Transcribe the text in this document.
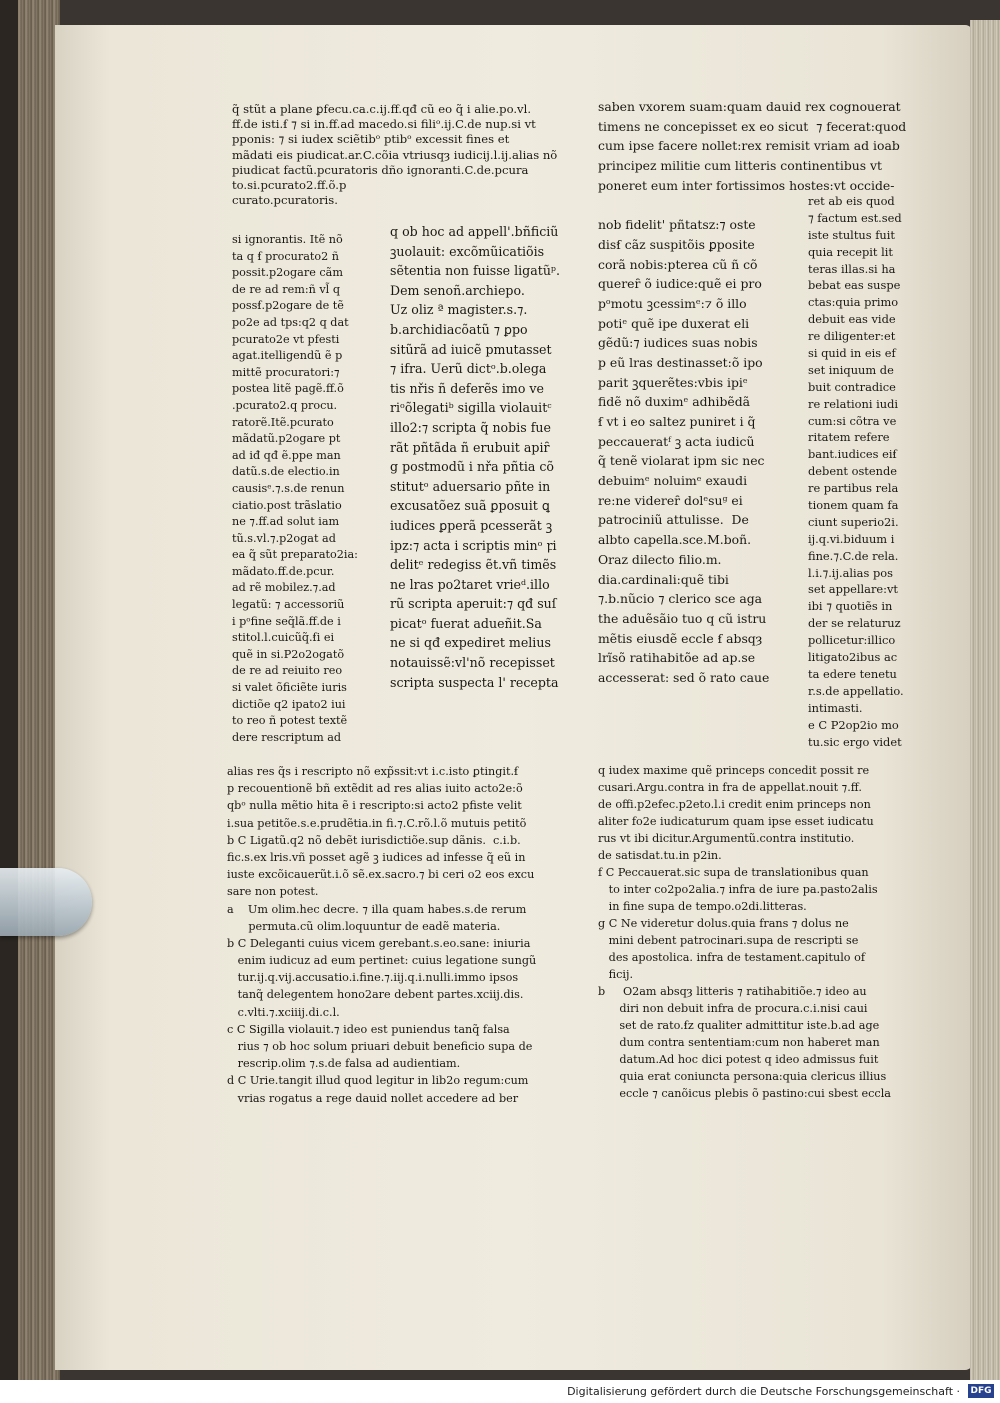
q̃ stũt a plane ꝑfecu.ca.c.ij.ff.qđ cũ eo q̃ i alie.po.vl.

ff.de isti.ẜ ⁊ si in.ff.ad macedo.si filiᵒ.ij.C.de nup.si vt

pponis: ⁊ si iudex sciẽtibᵒ ptibᵒ excessit fines et

mãdati eis piudicat.ar.C.cõia vtriusqȝ iudicij.l.ij.alias nõ

piudicat factũ.pcuratoris dño ignoranti.C.de.pcura

to.si.pcurato2.ff.õ.p

curato.pcuratoris.

q ob hoc ad appell'.bñficiũ

ꝫuolauit: excõmũicatiõis

sẽtentia non fuisse ligatũᵖ.

Dem senoñ.archiepo.

Uz oliz ª magister.s.⁊.

b.archidiacõatũ ⁊ ꝑpo

sitũrã ad iuicẽ pmutasset

⁊ ifra. Uerũ dictᵒ.b.olega

tis nřis ñ deferẽs imo ve

riᵒõlegatiᵇ sigilla violauitᶜ

illo2:⁊ scripta q̃ nobis fue

rãt pñtãda ñ erubuit apiȓ

g postmodũ i nřa pñtia cõ

stitutᵒ aduersario pñte in

excusatõez suã ꝑposuit ꝗ

iudices ꝑperã pcesserãt ꝫ

ipz:⁊ acta i scriptis minᵒ ꝼi

delitᵉ redegiss ẽt.vñ timẽs

ne lras po2taret vrieᵈ.illo

rũ scripta aperuit:⁊ qđ suſ

picatᵒ fuerat adueñit.Sa

ne si qđ expediret melius

notauissẽ:vl'nõ recepisset

scripta suspecta l' recepta

saben vxorem suam:quam dauid rex cognouerat

timens ne concepisset ex eo sicut  ⁊ fecerat:quod

cum ipse facere nollet:rex remisit vriam ad ioab

principez militie cum litteris continentibus vt

poneret eum inter fortissimos hostes:vt occide-

nob fidelit' pñtatsz:⁊ oste

disẜ cãz suspitõis ꝑposite

corã nobis:pterea cũ ñ cõ

quereȓ õ iudice:quẽ ei pro

pᵒmotu ꝫcessimᵉ:⁊ õ illo

potiᵉ quẽ ipe duxerat eli

gẽdũ:⁊ iudices suas nobis

p eũ lras destinasset:õ ipo

parit ꝫquerẽtes:vbis ipiᵉ

fidẽ nõ duximᵉ adhibẽdã

ẜ vt i eo saltez puniret i q̃

peccaueratᶠ ꝫ acta iudicũ

q̃ tenẽ violarat ipm sic nec

debuimᵉ noluimᵉ exaudi

re:ne videreȓ dolᵉsuᵍ ei

patrociniũ attulisse.  De

albto capella.sce.M.boñ.

Oraz dilecto filio.m.

dia.cardinali:quẽ tibi

⁊.b.nũcio ⁊ clerico sce aga

the aduẽsãio tuo q cũ istru

mẽtis eiusdẽ eccle ẜ absqȝ

lrĩsõ ratihabitõe ad ap.se

accesserat: sed õ rato caue

si ignorantis. Itẽ nõ

ta q ẜ procurato2 ñ

possit.p2ogare cãm

de re ad rem:ñ vl̃ q

possẜ.p2ogare de tẽ

po2e ad tps:q2 q dat

pcurato2e vt pfesti

agat.itelligendũ ẽ p

mittẽ procuratori:⁊

postea litẽ pagẽ.ff.õ

.pcurato2.q procu.

ratorẽ.Itẽ.pcurato

mãdatũ.p2ogare pt

ad iđ qđ ẽ.ppe man

datũ.s.de electio.in

causisᵉ.⁊.s.de renun

ciatio.post trãslatio

ne ⁊.ff.ad solut iam

tũ.s.vl.⁊.p2ogat ad

ea q̃ sũt preparato2ia:

mãdato.ff.de.pcur.

ad rẽ mobilez.⁊.ad

legatũ: ⁊ accessoriũ

i pᵒfine seq̃lã.ff.de i

stitol.l.cuicũq̃.ẜi ei

quẽ in si.P2o2ogatõ

de re ad reiuito reo

si valet õficiẽte iuris

dictiõe q2 ipato2 iui

to reo ñ potest textẽ

dere rescriptum ad

ret ab eis quod

⁊ factum est.sed

iste stultus fuit

quia recepit lit

teras illas.si ha

bebat eas suspe

ctas:quia primo

debuit eas vide

re diligenter:et

si quid in eis ef

set iniquum de

buit contradice

re relationi iudi

cum:si cõtra ve

ritatem refere

bant.iudices eiẜ

debent ostende

re partibus rela

tionem quam fa

ciunt superio2i.

ij.q.vi.biduum i

fine.⁊.C.de rela.

l.i.⁊.ij.alias pos

set appellare:vt

ibi ⁊ quotiẽs in

der se relaturuz

pollicetur:illico

litigato2ibus ac

ta edere tenetu

r.s.de appellatio.

intimasti.

e C P2op2io mo

tu.sic ergo videt

alias res q̃s i rescripto nõ exp̃ssit:vt i.c.isto ꝑtingit.ẜ

p recouentionẽ bñ extẽdit ad res alias iuito acto2e:õ

qbᵒ nulla mẽtio hita ẽ i rescripto:si acto2 pfiste velit

i.sua petitõe.s.e.prudẽtia.in fi.⁊.C.rõ.l.õ mutuis petitõ

b C Ligatũ.q2 nõ debẽt iurisdictiõe.sup dãnis.  c.i.b.

fic.s.ex lris.vñ posset agẽ ꝫ iudices ad infesse q̃ eũ in

iuste excõicauerũt.i.õ sẽ.ex.sacro.⁊ bi ceri o2 eos excu

sare non potest.

a    Um olim.hec decre. ⁊ illa quam habes.s.de rerum

permuta.cũ olim.loquuntur de eadẽ materia.

b C Deleganti cuius vicem gerebant.s.eo.sane: iniuria

enim iudicuz ad eum pertinet: cuius legatione sungũ

tur.ij.q.vij.accusatio.i.fine.⁊.iij.q.i.nulli.immo ipsos

tanq̃ delegentem hono2are debent partes.xciij.dis.

c.vlti.⁊.xciiij.di.c.l.

c C Sigilla violauit.⁊ ideo est puniendus tanq̃ falsa

rius ⁊ ob hoc solum priuari debuit beneficio supa de

rescrip.olim ⁊.s.de falsa ad audientiam.

d C Urie.tangit illud quod legitur in lib2o regum:cum

vrias rogatus a rege dauid nollet accedere ad ber

q iudex maxime quẽ princeps concedit possit re

cusari.Argu.contra in fra de appellat.nouit ⁊.ff.

de offi.p2efec.p2eto.l.i credit enim princeps non

aliter fo2e iudicaturum quam ipse esset iudicatu

rus vt ibi dicitur.Argumentũ.contra institutio.

de satisdat.tu.in p2in.

f C Peccauerat.sic supa de translationibus quan

to inter co2po2alia.⁊ infra de iure pa.pasto2alis

in fine supa de tempo.o2di.litteras.

g C Ne videretur dolus.quia frans ⁊ dolus ne

mini debent patrocinari.supa de rescripti se

des apostolica. infra de testament.capitulo of

ficij.

b     O2am absqȝ litteris ⁊ ratihabitiõe.⁊ ideo au

diri non debuit infra de procura.c.i.nisi caui

set de rato.ẜz qualiter admittitur iste.b.ad age

dum contra sententiam:cum non haberet man

datum.Ad hoc dici potest q ideo admissus fuit

quia erat coniuncta persona:quia clericus illius

eccle ⁊ canõicus plebis õ pastino:cui sbest eccla

Digitalisierung gefördert durch die Deutsche Forschungsgemeinschaft · DFG
